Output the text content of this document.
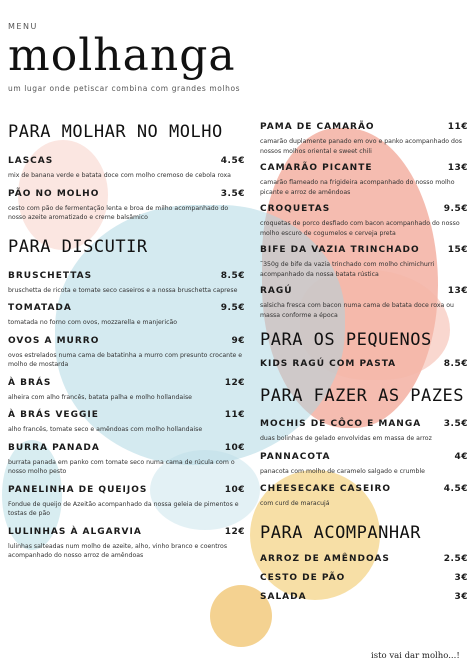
MENU
molhanga
um lugar onde petiscar combina com grandes molhos
PARA MOLHAR NO MOLHO
LASCAS	4.5€
mix de banana verde e batata doce com molho cremoso de cebola roxa
PÃO NO MOLHO	3.5€
cesto com pão de fermentação lenta e broa de milho acompanhado do nosso azeite aromatizado e creme balsâmico
PARA DISCUTIR
BRUSCHETTAS	8.5€
bruschetta de ricota e tomate seco caseiros e a nossa bruschetta caprese
TOMATADA	9.5€
tomatada no forno com ovos, mozzarella e manjericão
OVOS A MURRO	9€
ovos estrelados numa cama de batatinha a murro com presunto crocante e molho de mostarda
À BRÁS	12€
alheira com alho francês, batata palha e molho hollandaise
À BRÁS VEGGIE	11€
alho francês, tomate seco e amêndoas com molho hollandaise
BURRA PANADA	10€
burrata panada em panko com tomate seco numa cama de rúcula com o nosso molho pesto
PANELINHA DE QUEIJOS	10€
Fondue de queijo de Azeitão acompanhado da nossa geleia de pimentos e tostas de pão
LULINHAS À ALGARVIA	12€
lulinhas salteadas num molho de azeite, alho, vinho branco e coentros acompanhado do nosso arroz de amêndoas
PAMA DE CAMARÃO	11€
camarão duplamente panado em ovo e panko acompanhado dos nossos molhos oriental e sweet chili
CAMARÃO PICANTE	13€
camarão flameado na frigideira acompanhado do nosso molho picante e arroz de amêndoas
CROQUETAS	9.5€
croquetas de porco desfiado com bacon acompanhado do nosso molho escuro de cogumelos e cerveja preta
BIFE DA VAZIA TRINCHADO	15€
˜350g de bife da vazia trinchado com molho chimichurri acompanhado da nossa batata rústica
RAGÚ	13€
salsicha fresca com bacon numa cama de batata doce roxa ou massa conforme a época
PARA OS PEQUENOS
KIDS RAGÚ COM PASTA	8.5€
PARA FAZER AS PAZES
MOCHIS DE CÔCO E MANGA	3.5€
duas bolinhas de gelado envolvidas em massa de arroz
PANNACOTA	4€
panacota com molho de caramelo salgado e crumble
CHEESECAKE CASEIRO	4.5€
com curd de maracujá
PARA ACOMPANHAR
ARROZ DE AMÊNDOAS	2.5€
CESTO DE PÃO	3€
SALADA	3€
isto vai dar molho...!
